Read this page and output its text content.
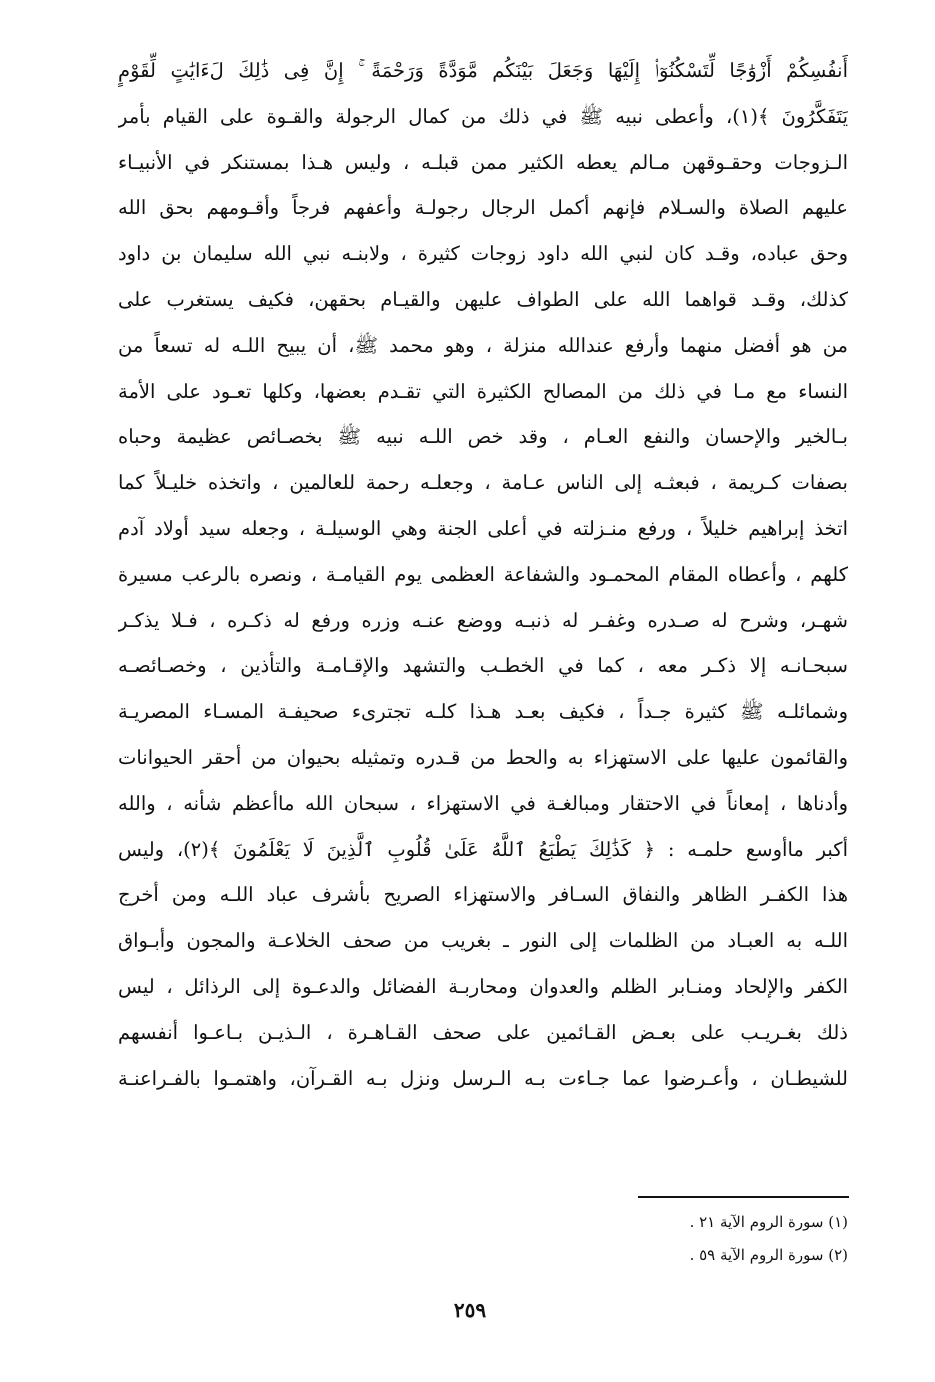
أَنفُسِكُمْ أَزْوَٰجًا لِّتَسْكُنُوٓا۟ إِلَيْهَا وَجَعَلَ بَيْنَكُم مَّوَدَّةً وَرَحْمَةً ۚ إِنَّ فِى ذَٰلِكَ لَءَايَٰتٍ لِّقَوْمٍ
يَتَفَكَّرُونَ ﴾(١)، وأعطى نبيه ﷺ في ذلك من كمال الرجولة والقـوة على القيام بأمر
الـزوجات وحقـوقهن مـالم يعطه الكثير ممن قبلـه ، وليس هـذا بمستنكر في الأنبيـاء
عليهم الصلاة والسـلام فإنهم أكمل الرجال رجولـة وأعفهم فرجاً وأقـومهم بحق الله
وحق عباده، وقـد كان لنبي الله داود زوجات كثيرة ، ولابنـه نبي الله سليمان بن داود
كذلك، وقـد قواهما الله على الطواف عليهن والقيـام بحقهن، فكيف يستغرب على
من هو أفضل منهما وأرفع عندالله منزلة ، وهو محمد ﷺ، أن يبيح اللـه له تسعاً من
النساء مع مـا في ذلك من المصالح الكثيرة التي تقـدم بعضها، وكلها تعـود على الأمة
بـالخير والإحسان والنفع العـام ، وقد خص اللـه نبيه ﷺ بخصـائص عظيمة وحباه
بصفات كـريمة ، فبعثـه إلى الناس عـامة ، وجعلـه رحمة للعالمين ، واتخذه خليـلاً كما
اتخذ إبراهيم خليلاً ، ورفع منـزلته في أعلى الجنة وهي الوسيلـة ، وجعله سيد أولاد آدم
كلهم ، وأعطاه المقام المحمـود والشفاعة العظمى يوم القيامـة ، ونصره بالرعب مسيرة
شهـر، وشرح له صـدره وغفـر له ذنبـه ووضع عنـه وزره ورفع له ذكـره ، فـلا يذكـر
سبحـانـه إلا ذكـر معه ، كما في الخطـب والتشهد والإقـامـة والتأذين ، وخصـائصـه
وشمائلـه ﷺ كثيرة جـداً ، فكيف بعـد هـذا كلـه تجترىء صحيفـة المسـاء المصريـة
والقائمون عليها على الاستهزاء به والحط من قـدره وتمثيله بحيوان من أحقر الحيوانات
وأدناها ، إمعاناً في الاحتقار ومبالغـة في الاستهزاء ، سبحان الله ماأعظم شأنه ، والله
أكبر ماأوسع حلمـه : ﴿ كَذَٰلِكَ يَطْبَعُ ٱللَّهُ عَلَىٰ قُلُوبِ ٱلَّذِينَ لَا يَعْلَمُونَ ﴾(٢)، وليس
هذا الكفـر الظاهر والنفاق السـافر والاستهزاء الصريح بأشرف عباد اللـه ومن أخرج
اللـه به العبـاد من الظلمات إلى النور ـ بغريب من صحف الخلاعـة والمجون وأبـواق
الكفر والإلحاد ومنـابر الظلم والعدوان ومحاربـة الفضائل والدعـوة إلى الرذائل ، ليس
ذلك بغـريـب على بعـض القـائمين على صحف القـاهـرة ، الـذيـن بـاعـوا أنفسهم
للشيطـان ، وأعـرضوا عما جـاءت بـه الـرسل ونزل بـه القـرآن، واهتمـوا بالفـراعنـة
(١) سورة الروم الآية ٢١ .
(٢) سورة الروم الآية ٥٩ .
٢٥٩
